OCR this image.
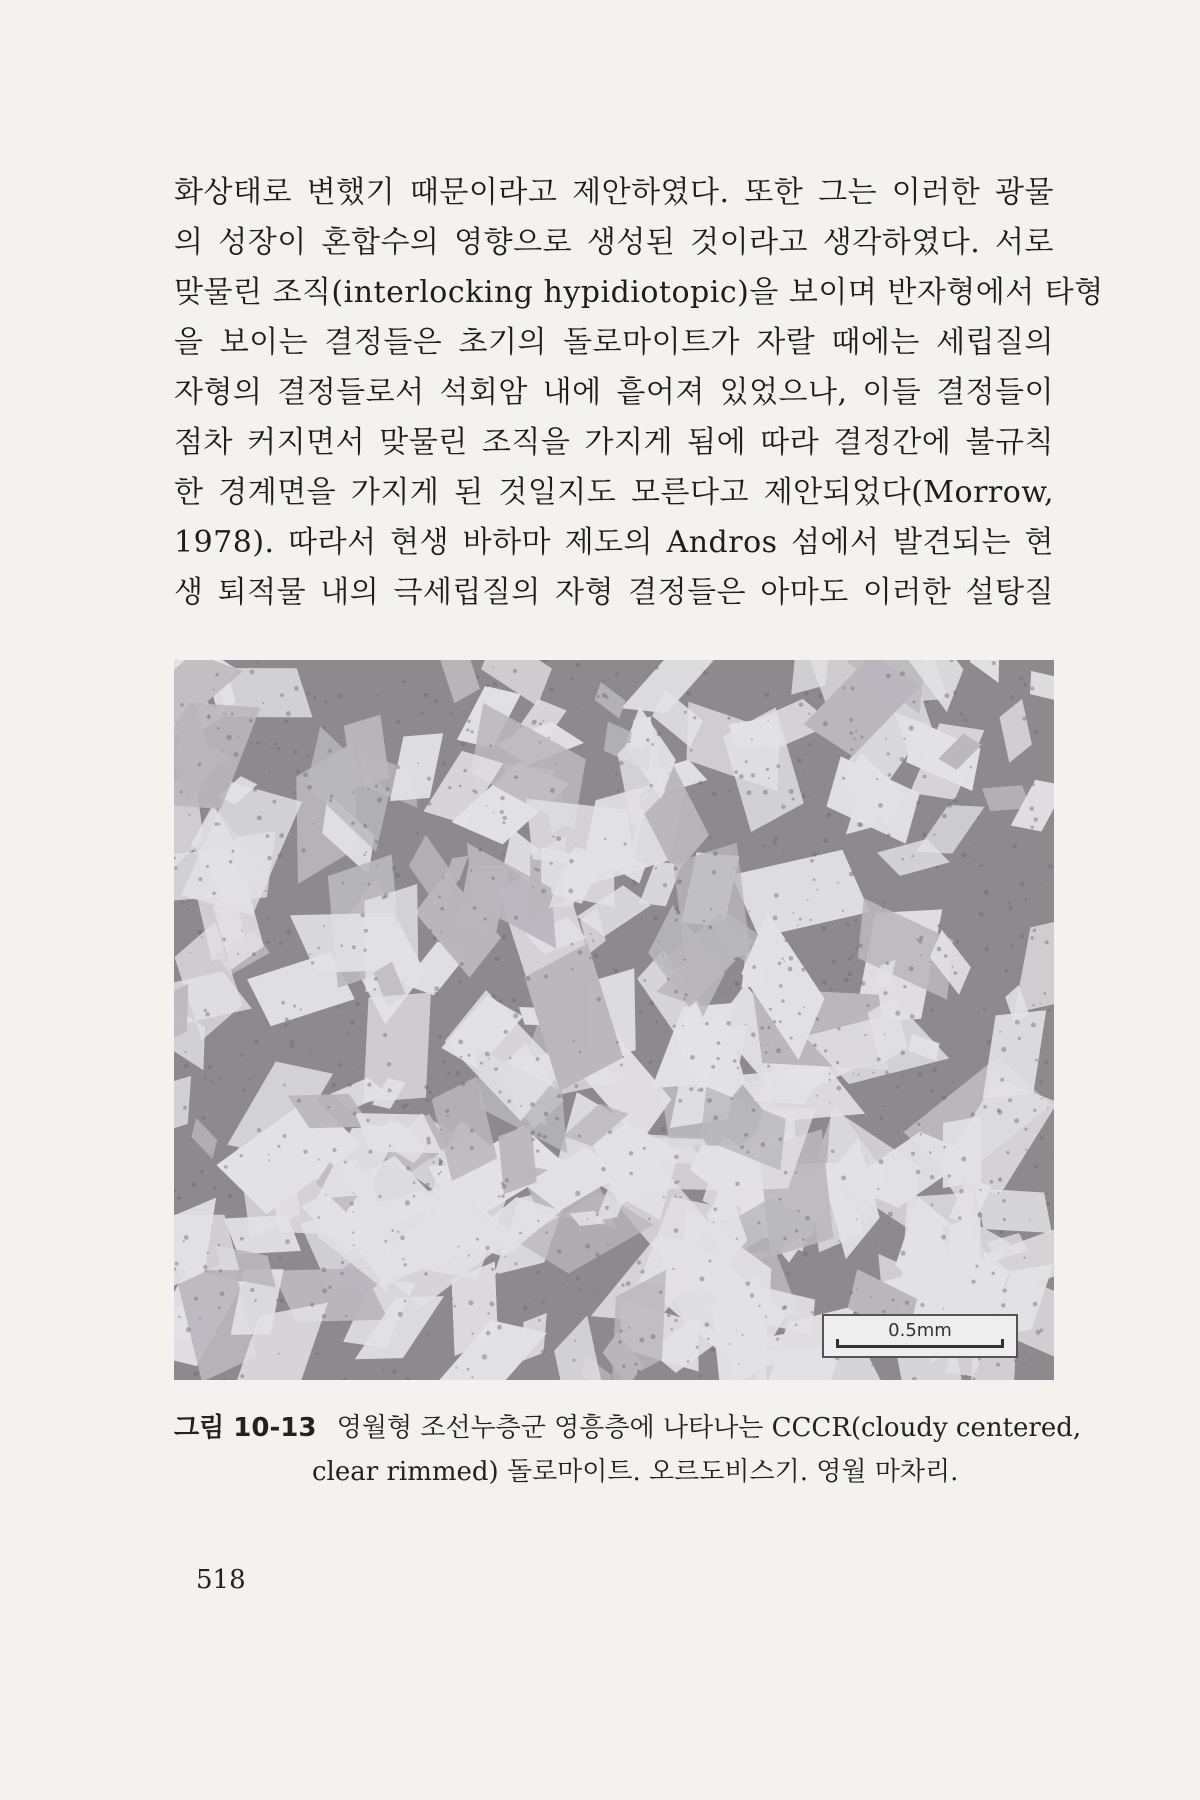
화상태로 변했기 때문이라고 제안하였다. 또한 그는 이러한 광물
의 성장이 혼합수의 영향으로 생성된 것이라고 생각하였다. 서로
맞물린 조직(interlocking hypidiotopic)을 보이며 반자형에서 타형
을 보이는 결정들은 초기의 돌로마이트가 자랄 때에는 세립질의
자형의 결정들로서 석회암 내에 흩어져 있었으나, 이들 결정들이
점차 커지면서 맞물린 조직을 가지게 됨에 따라 결정간에 불규칙
한 경계면을 가지게 된 것일지도 모른다고 제안되었다(Morrow,
1978). 따라서 현생 바하마 제도의 Andros 섬에서 발견되는 현
생 퇴적물 내의 극세립질의 자형 결정들은 아마도 이러한 설탕질
0.5mm
그림 10-13 영월형 조선누층군 영흥층에 나타나는 CCCR(cloudy centered,
clear rimmed) 돌로마이트. 오르도비스기. 영월 마차리.
518
